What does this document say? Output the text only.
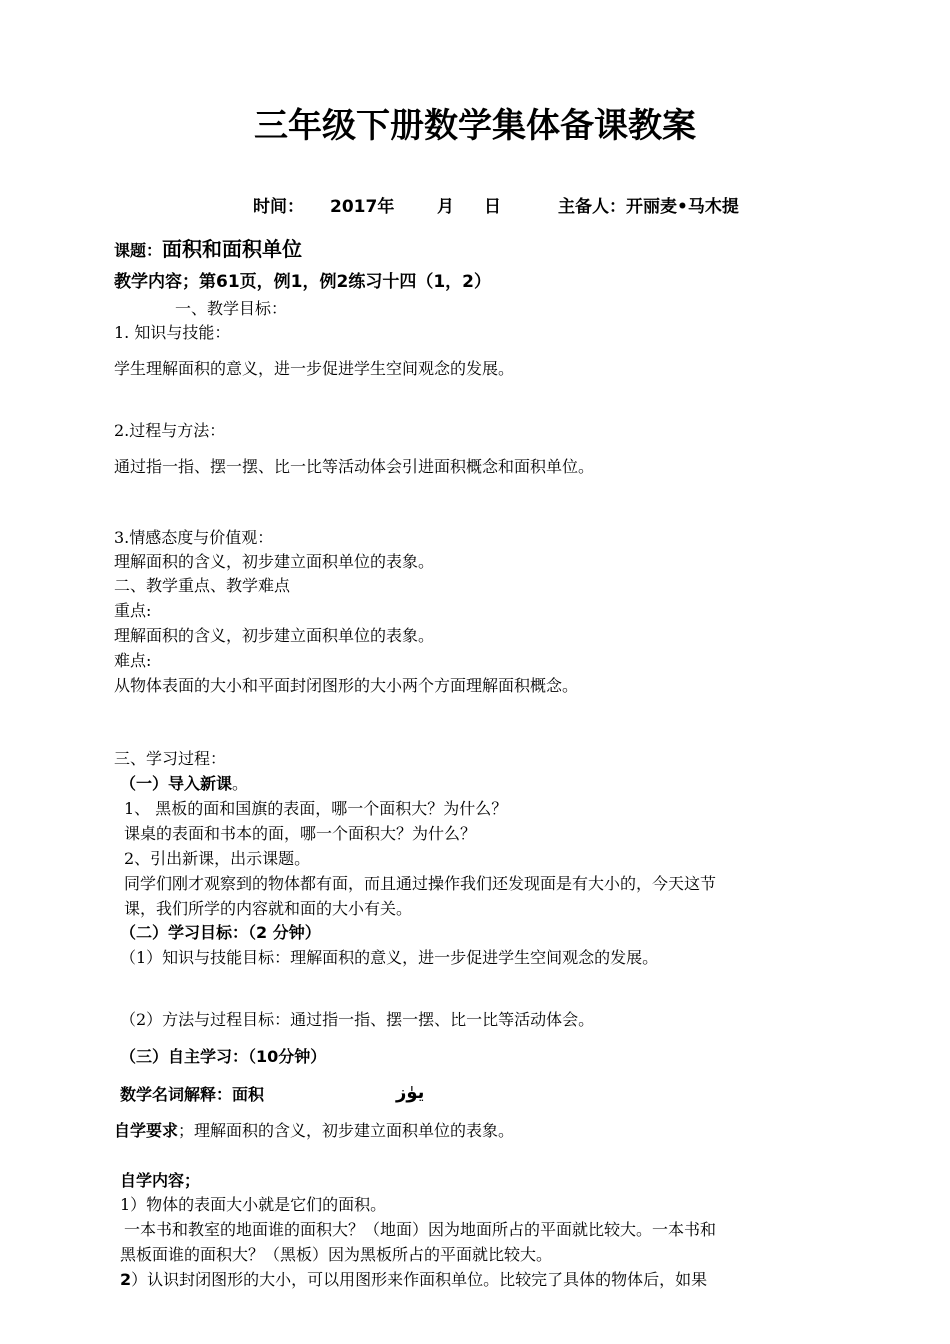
三年级下册数学集体备课教案
时间： 2017年	月 日	主备人：开丽麦•马木提
课题：面积和面积单位
教学内容；第61页，例1，例2练习十四（1，2）
一、教学目标：
1. 知识与技能：
学生理解面积的意义，进一步促进学生空间观念的发展。
2.过程与方法：
通过指一指、摆一摆、比一比等活动体会引进面积概念和面积单位。
3.情感态度与价值观：
理解面积的含义，初步建立面积单位的表象。
二、教学重点、教学难点
重点:
理解面积的含义，初步建立面积单位的表象。
难点:
从物体表面的大小和平面封闭图形的大小两个方面理解面积概念。
三、学习过程：
（一）导入新课。
1、 黑板的面和国旗的表面，哪一个面积大？为什么？
课桌的表面和书本的面，哪一个面积大？为什么？
2、引出新课，出示课题。
同学们刚才观察到的物体都有面，而且通过操作我们还发现面是有大小的，今天这节
课，我们所学的内容就和面的大小有关。
（二）学习目标：（2 分钟）
（1）知识与技能目标：理解面积的意义，进一步促进学生空间观念的发展。
（2）方法与过程目标：通过指一指、摆一摆、比一比等活动体会。
（三）自主学习：（10分钟）
数学名词解释：面积	يۈز
自学要求；理解面积的含义，初步建立面积单位的表象。
自学内容；
1）物体的表面大小就是它们的面积。
一本书和教室的地面谁的面积大？（地面）因为地面所占的平面就比较大。一本书和
黑板面谁的面积大？（黑板）因为黑板所占的平面就比较大。
2）认识封闭图形的大小，可以用图形来作面积单位。比较完了具体的物体后，如果
